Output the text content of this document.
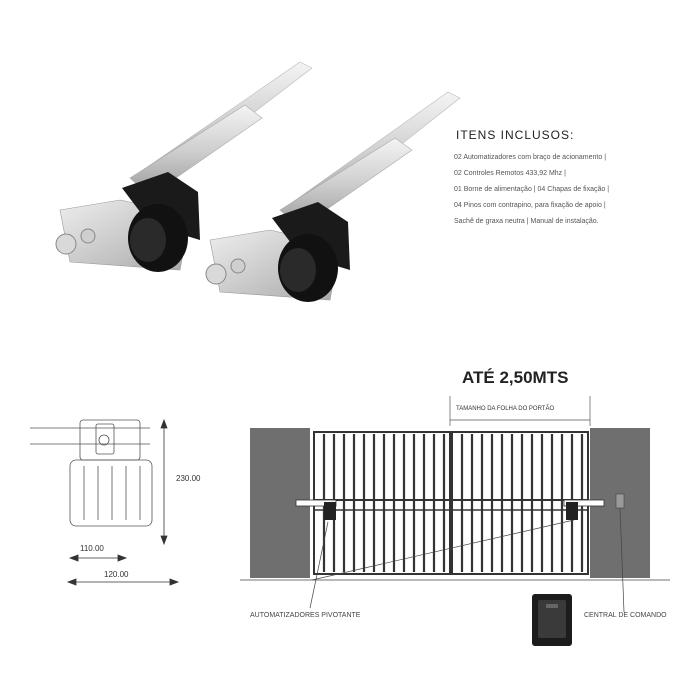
ITENS INCLUSOS:
02 Automatizadores com braço de acionamento |
02 Controles Remotos 433,92 Mhz |
01 Borne de alimentação | 04 Chapas de fixação |
04 Pinos com contrapino, para fixação de apoio |
Sachê de graxa neutra | Manual de instalação.
230.00
110.00
120.00
ATÉ 2,50MTS
TAMANHO DA FOLHA DO PORTÃO
AUTOMATIZADORES PIVOTANTE	CENTRAL DE COMANDO
